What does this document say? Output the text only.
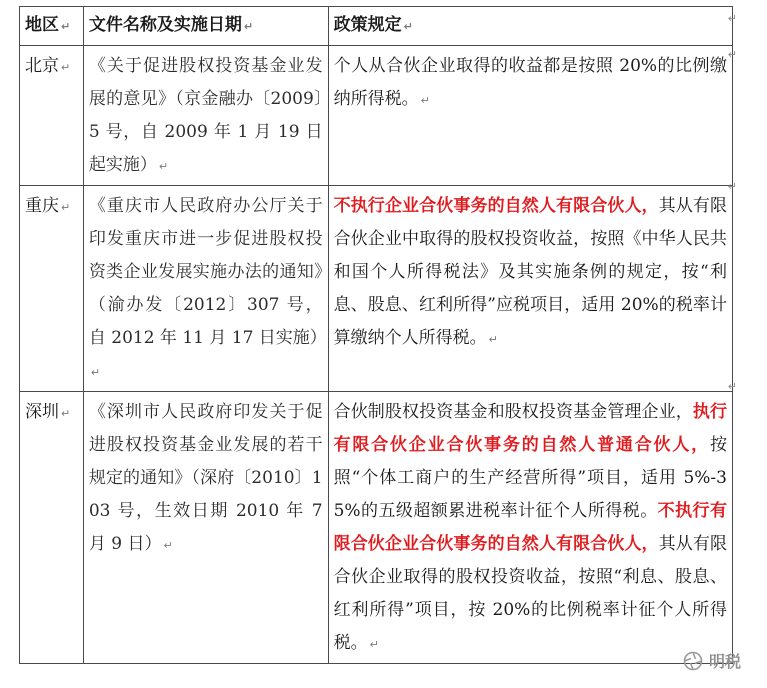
地区 ↵	文件名称及实施日期 ↵	政策规定 ↵
北京 ↵	《关于促进股权投资基金业发展的意见》（京金融办〔2009〕5 号，自 2009 年 1 月 19 日起实施） ↵	个人从合伙企业取得的收益都是按照 20%的比例缴纳所得税。 ↵
重庆 ↵	《重庆市人民政府办公厅关于印发重庆市进一步促进股权投资类企业发展实施办法的通知》（渝办发〔2012〕307 号，自 2012 年 11 月 17 日实施）↵	不执行企业合伙事务的自然人有限合伙人，其从有限合伙企业中取得的股权投资收益，按照《中华人民共和国个人所得税法》及其实施条例的规定，按“利息、股息、红利所得”应税项目，适用 20%的税率计算缴纳个人所得税。 ↵
深圳 ↵	《深圳市人民政府印发关于促进股权投资基金业发展的若干规定的通知》（深府〔2010〕103 号，生效日期 2010 年 7 月 9 日） ↵	合伙制股权投资基金和股权投资基金管理企业，执行有限合伙企业合伙事务的自然人普通合伙人，按照“个体工商户的生产经营所得”项目，适用 5%-35%的五级超额累进税率计征个人所得税。不执行有限合伙企业合伙事务的自然人有限合伙人，其从有限合伙企业取得的股权投资收益，按照“利息、股息、红利所得”项目，按 20%的比例税率计征个人所得税。 ↵
↵
↵
↵
↵
明税
